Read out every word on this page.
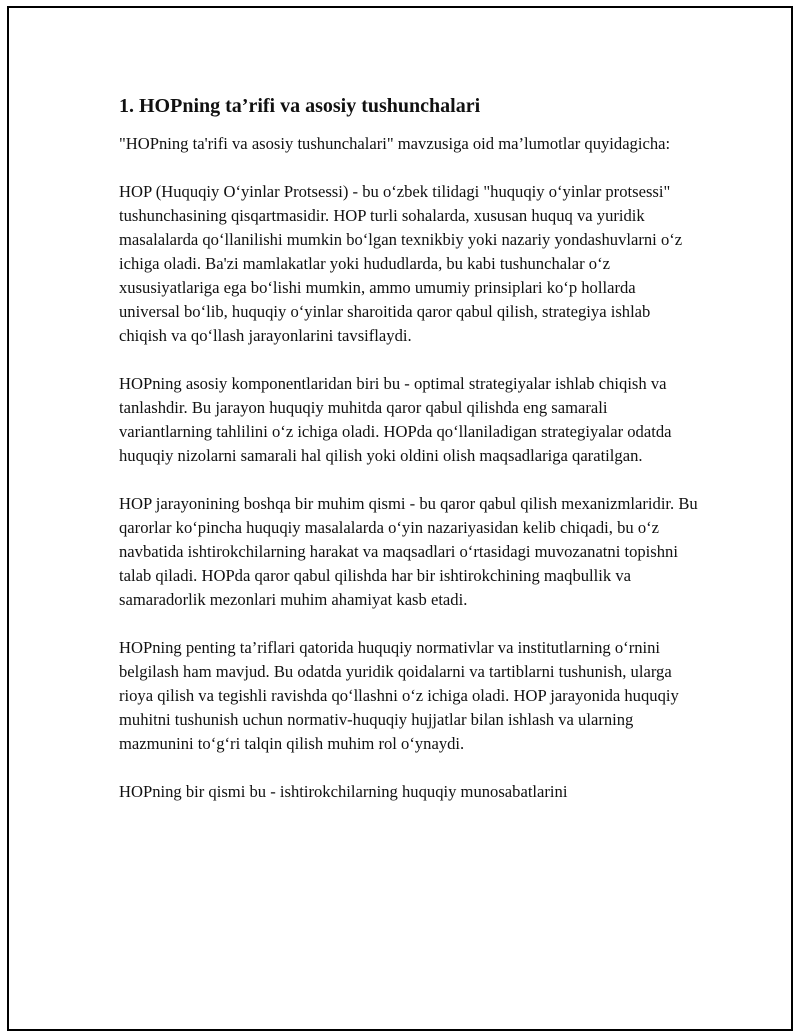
1. HOPning ta’rifi va asosiy tushunchalari

"HOPning ta'rifi va asosiy tushunchalari" mavzusiga oid ma’lumotlar quyidagicha:

HOP (Huquqiy O‘yinlar Protsessi) - bu o‘zbek tilidagi "huquqiy o‘yinlar protsessi" tushunchasining qisqartmasidir. HOP turli sohalarda, xususan huquq va yuridik masalalarda qo‘llanilishi mumkin bo‘lgan texnikbiy yoki nazariy yondashuvlarni o‘z ichiga oladi. Ba'zi mamlakatlar yoki hududlarda, bu kabi tushunchalar o‘z xususiyatlariga ega bo‘lishi mumkin, ammo umumiy prinsiplari ko‘p hollarda universal bo‘lib, huquqiy o‘yinlar sharoitida qaror qabul qilish, strategiya ishlab chiqish va qo‘llash jarayonlarini tavsiflaydi.

HOPning asosiy komponentlaridan biri bu - optimal strategiyalar ishlab chiqish va tanlashdir. Bu jarayon huquqiy muhitda qaror qabul qilishda eng samarali variantlarning tahlilini o‘z ichiga oladi. HOPda qo‘llaniladigan strategiyalar odatda huquqiy nizolarni samarali hal qilish yoki oldini olish maqsadlariga qaratilgan.

HOP jarayonining boshqa bir muhim qismi - bu qaror qabul qilish mexanizmlaridir. Bu qarorlar ko‘pincha huquqiy masalalarda o‘yin nazariyasidan kelib chiqadi, bu o‘z navbatida ishtirokchilarning harakat va maqsadlari o‘rtasidagi muvozanatni topishni talab qiladi. HOPda qaror qabul qilishda har bir ishtirokchining maqbullik va samaradorlik mezonlari muhim ahamiyat kasb etadi.

HOPning penting ta’riflari qatorida huquqiy normativlar va institutlarning o‘rnini belgilash ham mavjud. Bu odatda yuridik qoidalarni va tartiblarni tushunish, ularga rioya qilish va tegishli ravishda qo‘llashni o‘z ichiga oladi. HOP jarayonida huquqiy muhitni tushunish uchun normativ-huquqiy hujjatlar bilan ishlash va ularning mazmunini to‘g‘ri talqin qilish muhim rol o‘ynaydi.

HOPning bir qismi bu - ishtirokchilarning huquqiy munosabatlarini
